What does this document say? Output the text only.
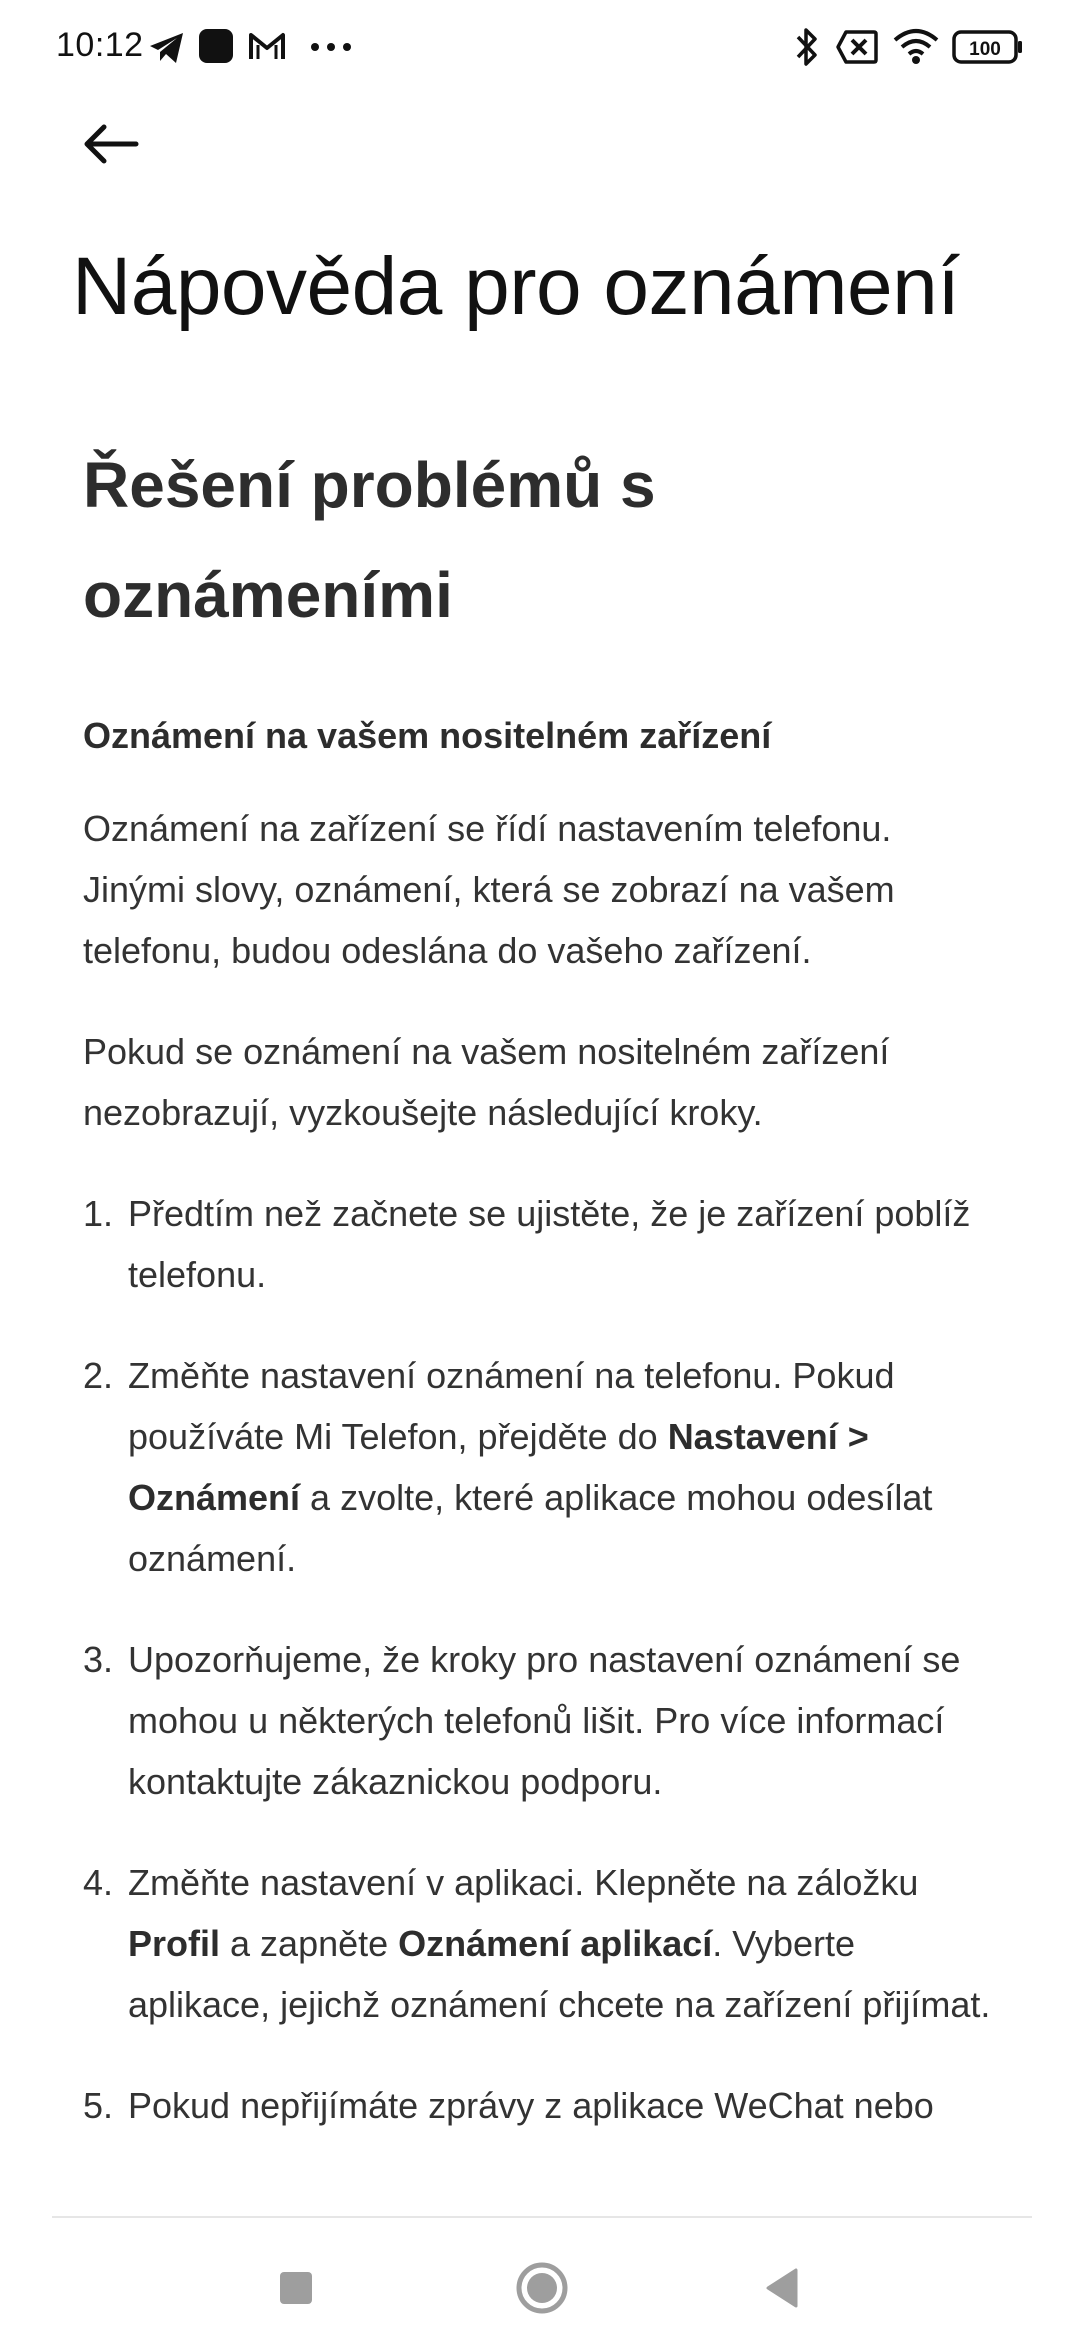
10:12	100
Nápověda pro oznámení
Řešení problémů s oznámeními

Oznámení na vašem nositelném zařízení

Oznámení na zařízení se řídí nastavením telefonu. Jinými slovy, oznámení, která se zobrazí na vašem telefonu, budou odeslána do vašeho zařízení.

Pokud se oznámení na vašem nositelném zařízení nezobrazují, vyzkoušejte následující kroky.

1. Předtím než začnete se ujistěte, že je zařízení poblíž telefonu.
2. Změňte nastavení oznámení na telefonu. Pokud používáte Mi Telefon, přejděte do Nastavení > Oznámení a zvolte, které aplikace mohou odesílat oznámení.
3. Upozorňujeme, že kroky pro nastavení oznámení se mohou u některých telefonů lišit. Pro více informací kontaktujte zákaznickou podporu.
4. Změňte nastavení v aplikaci. Klepněte na záložku Profil a zapněte Oznámení aplikací. Vyberte aplikace, jejichž oznámení chcete na zařízení přijímat.
5. Pokud nepřijímáte zprávy z aplikace WeChat nebo
